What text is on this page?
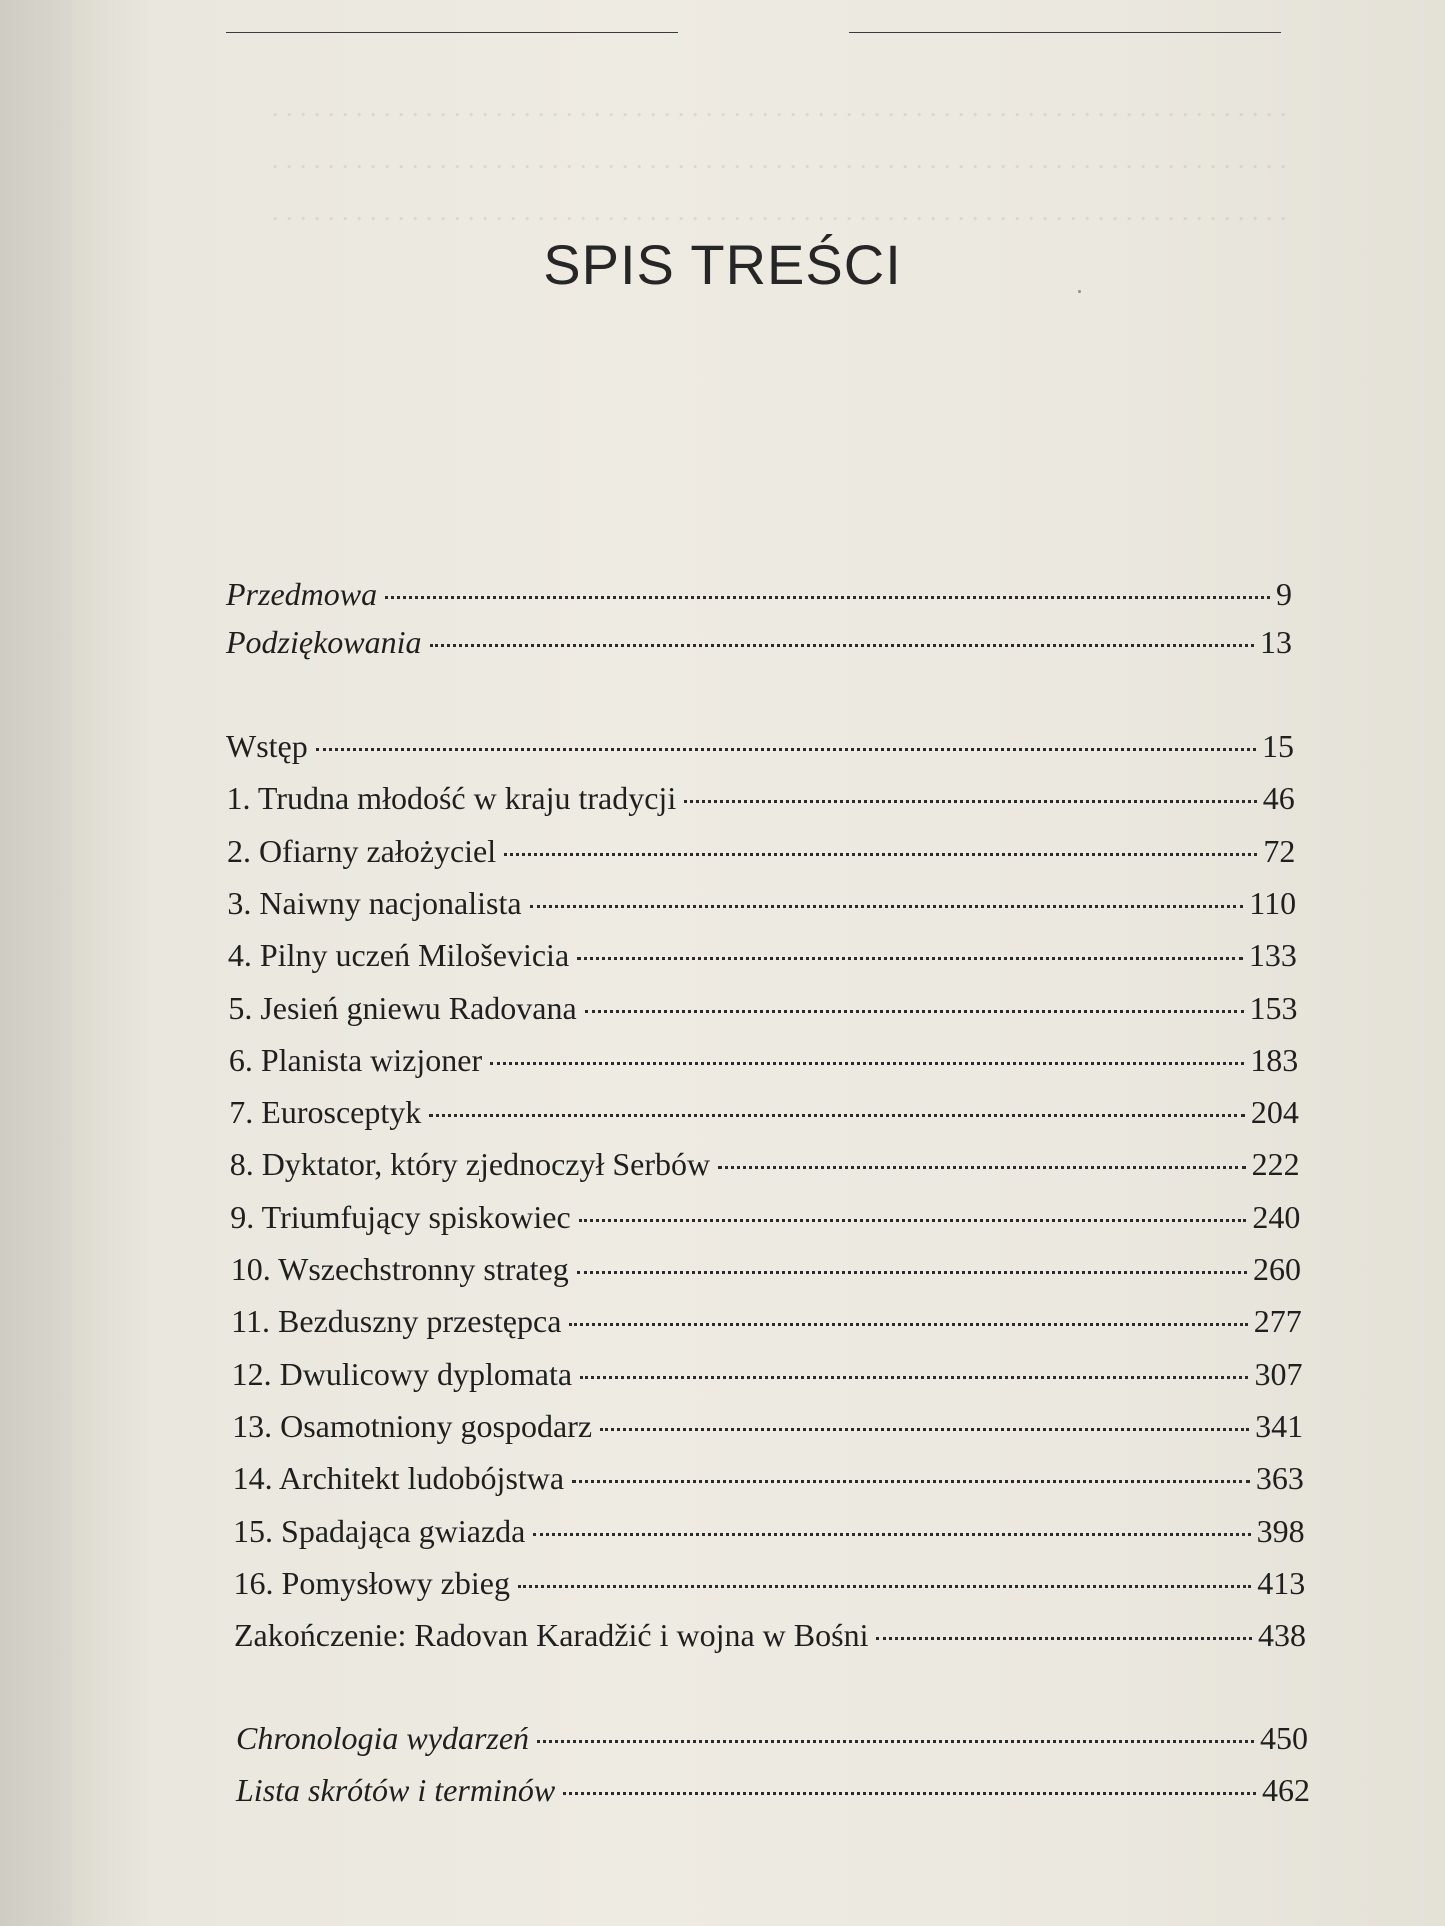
. . . . . . . . . . . . . . . . . . . . . . . . . . . . . . . . . . . . . . . . . . . . . . . . . . . . . . . . . . . . . . . . . . . . . . . . .
. . . . . . . . . . . . . . . . . . . . . . . . . . . . . . . . . . . . . . . . . . . . . . . . . . . . . . . . . . . . . . . . . . . . . . . . .
. . . . . . . . . . . . . . . . . . . . . . . . . . . . . . . . . . . . . . . . . . . . . . . . . . . . . . . . . . . . . . . . . . . . . . . . .
SPIS TREŚCI
Przedmowa	9
Podziękowania	13
Wstęp	15
1. Trudna młodość w kraju tradycji	46
2. Ofiarny założyciel	72
3. Naiwny nacjonalista	110
4. Pilny uczeń Miloševicia	133
5. Jesień gniewu Radovana	153
6. Planista wizjoner	183
7. Eurosceptyk	204
8. Dyktator, który zjednoczył Serbów	222
9. Triumfujący spiskowiec	240
10. Wszechstronny strateg	260
11. Bezduszny przestępca	277
12. Dwulicowy dyplomata	307
13. Osamotniony gospodarz	341
14. Architekt ludobójstwa	363
15. Spadająca gwiazda	398
16. Pomysłowy zbieg	413
Zakończenie: Radovan Karadžić i wojna w Bośni	438
Chronologia wydarzeń	450
Lista skrótów i terminów	462
